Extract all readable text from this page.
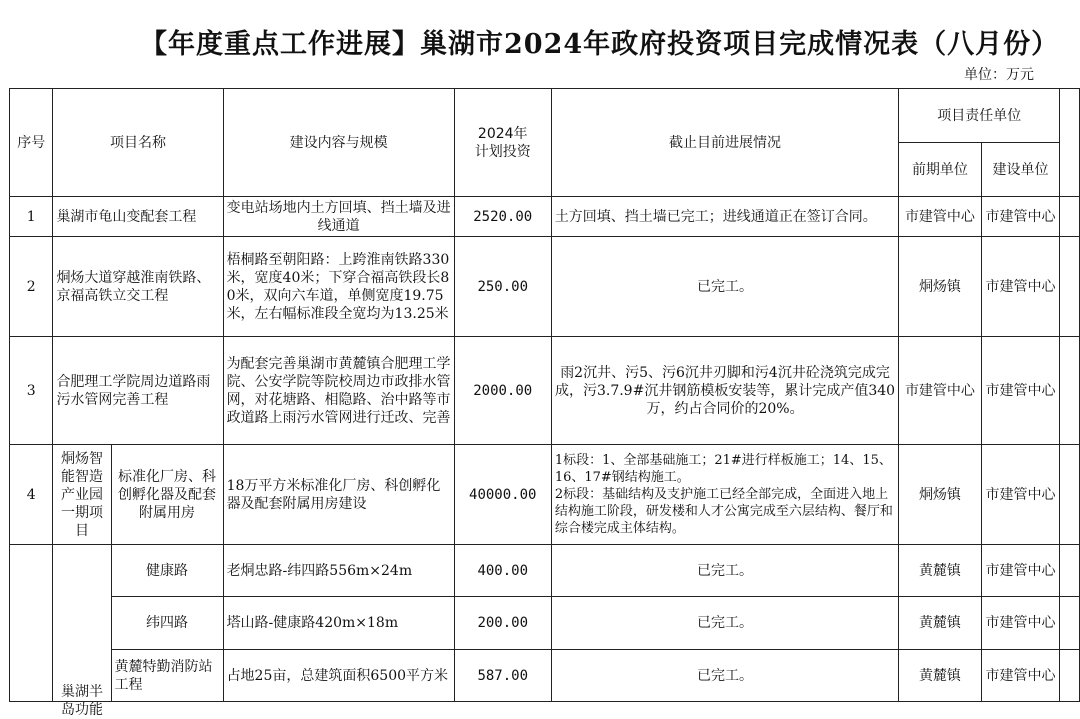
【年度重点工作进展】巢湖市2024年政府投资项目完成情况表（八月份）
单位：万元
序号	项目名称		建设内容与规模	2024年
计划投资	截止目前进展情况	项目责任单位		
						前期单位	建设单位	
1	巢湖市龟山变配套工程		变电站场地内土方回填、挡土墙及进线通道	2520.00	土方回填、挡土墙已完工；进线通道正在签订合同。	市建管中心	市建管中心	
2	烔炀大道穿越淮南铁路、京福高铁立交工程		梧桐路至朝阳路：上跨淮南铁路330米，宽度40米；下穿合福高铁段长80米，双向六车道，单侧宽度19.75米，左右幅标准段全宽均为13.25米	250.00	已完工。	烔炀镇	市建管中心	
3	合肥理工学院周边道路雨污水管网完善工程		为配套完善巢湖市黄麓镇合肥理工学院、公安学院等院校周边市政排水管网，对花塘路、相隐路、治中路等市政道路上雨污水管网进行迁改、完善	2000.00	雨2沉井、污5、污6沉井刃脚和污4沉井砼浇筑完成完成，污3.7.9#沉井钢筋模板安装等，累计完成产值340万，约占合同价的20%。	市建管中心	市建管中心	
4	烔炀智能智造产业园一期项目	标准化厂房、科创孵化器及配套附属用房	18万平方米标准化厂房、科创孵化器及配套附属用房建设	40000.00	1标段：1、全部基础施工；21#进行样板施工；14、15、16、17#钢结构施工。
2标段：基础结构及支护施工已经全部完成，全面进入地上结构施工阶段，研发楼和人才公寓完成至六层结构、餐厅和综合楼完成主体结构。	烔炀镇	市建管中心	

	巢湖半岛功能	健康路	老烔忠路-纬四路556m×24m	400.00	已完工。	黄麓镇	市建管中心	
		纬四路	塔山路-健康路420m×18m	200.00	已完工。	黄麓镇	市建管中心	
		黄麓特勤消防站工程	占地25亩，总建筑面积6500平方米	587.00	已完工。	黄麓镇	市建管中心	
